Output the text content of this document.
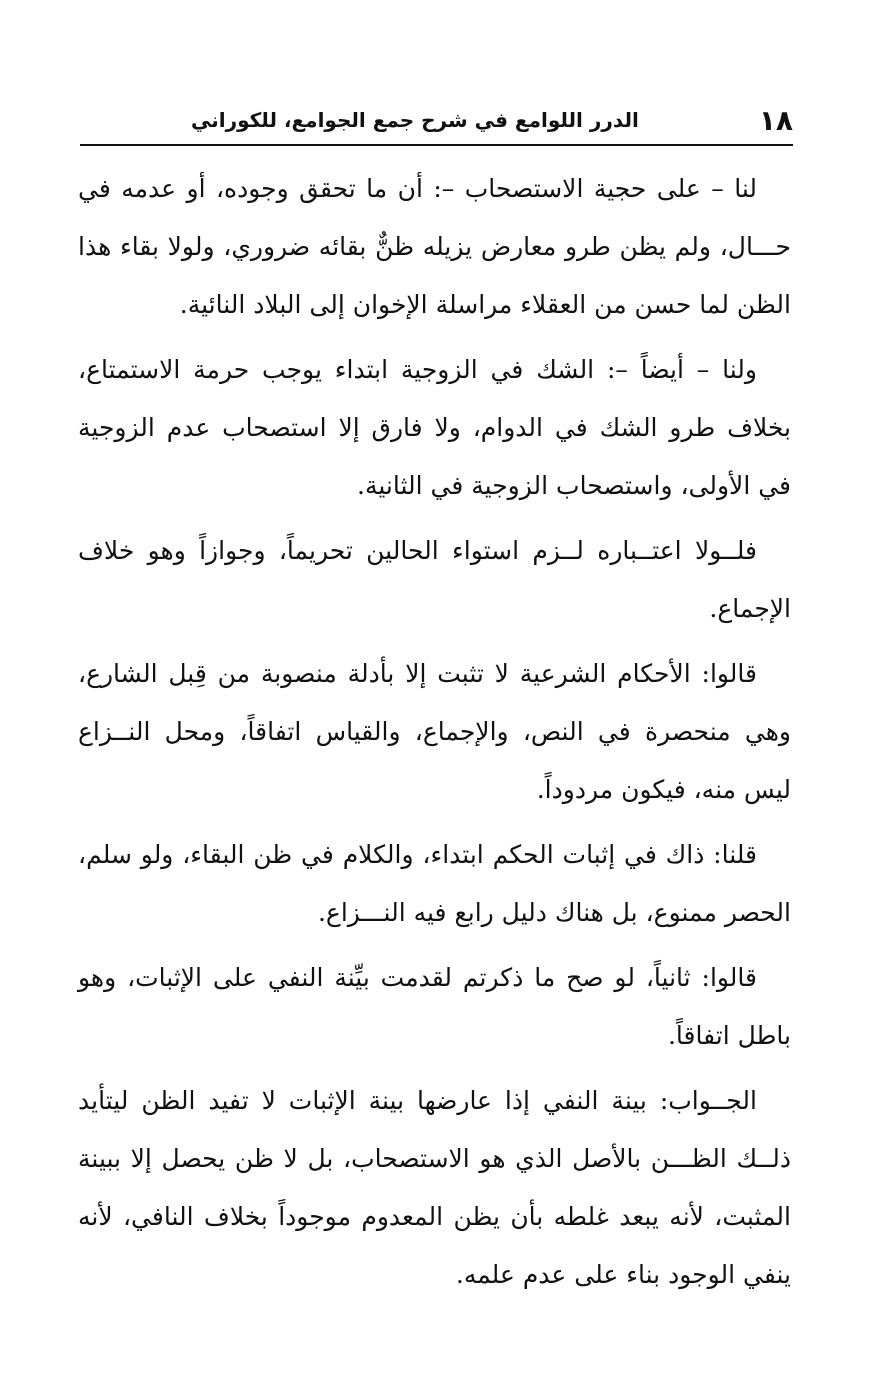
١٨
الدرر اللوامع في شرح جمع الجوامع، للكوراني

لنا – على حجية الاستصحاب –: أن ما تحقق وجوده، أو عدمه في حـــال، ولم يظن طرو معارض يزيله ظنٌّ بقائه ضروري، ولولا بقاء هذا الظن لما حسن من العقلاء مراسلة الإخوان إلى البلاد النائية.

ولنا – أيضاً –: الشك في الزوجية ابتداء يوجب حرمة الاستمتاع، بخلاف طرو الشك في الدوام، ولا فارق إلا استصحاب عدم الزوجية في الأولى، واستصحاب الزوجية في الثانية.

فلــولا اعتــباره لــزم استواء الحالين تحريماً، وجوازاً وهو خلاف الإجماع.

قالوا: الأحكام الشرعية لا تثبت إلا بأدلة منصوبة من قِبل الشارع، وهي منحصرة في النص، والإجماع، والقياس اتفاقاً، ومحل النــزاع ليس منه، فيكون مردوداً.

قلنا: ذاك في إثبات الحكم ابتداء، والكلام في ظن البقاء، ولو سلم، الحصر ممنوع، بل هناك دليل رابع فيه النـــزاع.

قالوا: ثانياً، لو صح ما ذكرتم لقدمت بيِّنة النفي على الإثبات، وهو باطل اتفاقاً.

الجــواب: بينة النفي إذا عارضها بينة الإثبات لا تفيد الظن ليتأيد ذلــك الظـــن بالأصل الذي هو الاستصحاب، بل لا ظن يحصل إلا ببينة المثبت، لأنه يبعد غلطه بأن يظن المعدوم موجوداً بخلاف النافي، لأنه ينفي الوجود بناء على عدم علمه.
